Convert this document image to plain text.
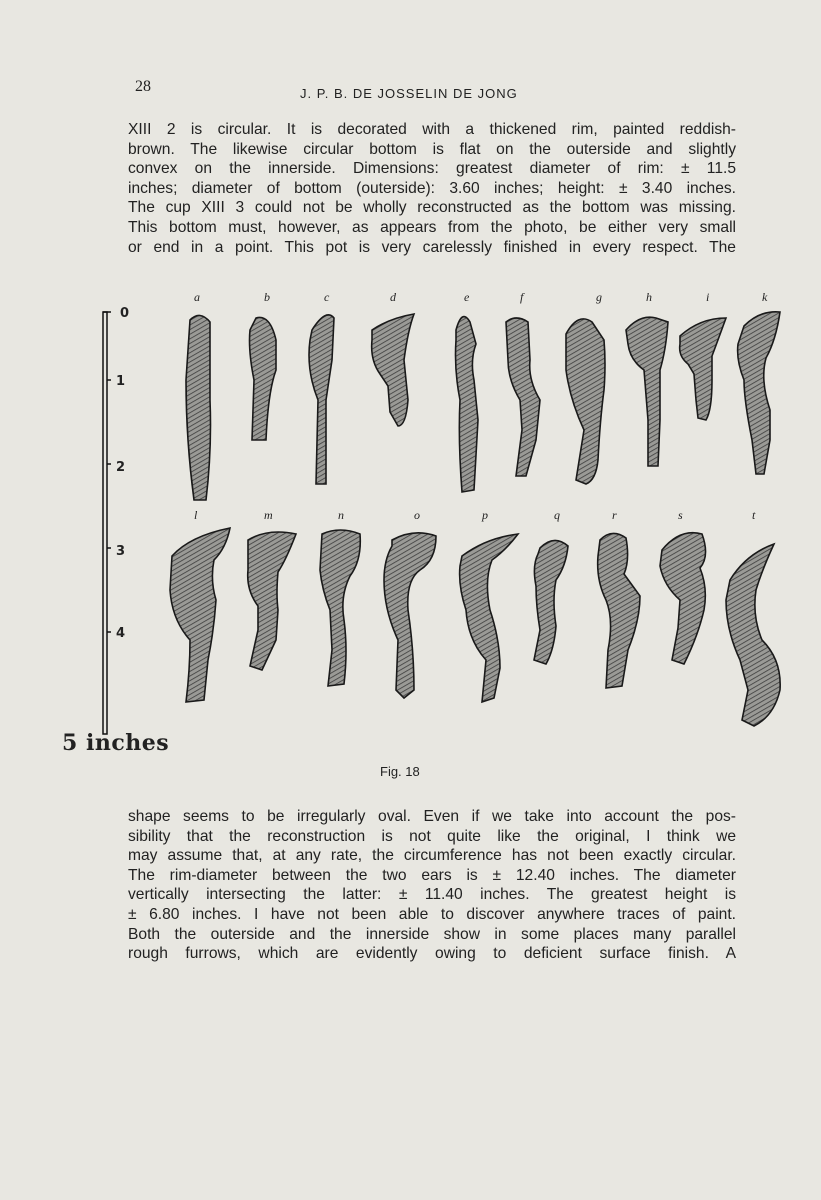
28	J. P. B. DE JOSSELIN DE JONG
XIII 2 is circular. It is decorated with a thickened rim, painted reddish-
brown. The likewise circular bottom is flat on the outerside and slightly
convex on the innerside. Dimensions: greatest diameter of rim: ± 11.5
inches; diameter of bottom (outerside): 3.60 inches; height: ± 3.40 inches.
The cup XIII 3 could not be wholly reconstructed as the bottom was missing.
This bottom must, however, as appears from the photo, be either very small
or end in a point. This pot is very carelessly finished in every respect. The
0
1
2
3
4
5 inches
a	b	c	d	e	f	g	h	i	k
l	m	n	o	p	q	r	s	t
Fig. 18
shape seems to be irregularly oval. Even if we take into account the pos-
sibility that the reconstruction is not quite like the original, I think we
may assume that, at any rate, the circumference has not been exactly circular.
The rim-diameter between the two ears is ± 12.40 inches. The diameter
vertically intersecting the latter: ± 11.40 inches. The greatest height is
± 6.80 inches. I have not been able to discover anywhere traces of paint.
Both the outerside and the innerside show in some places many parallel
rough furrows, which are evidently owing to deficient surface finish. A
